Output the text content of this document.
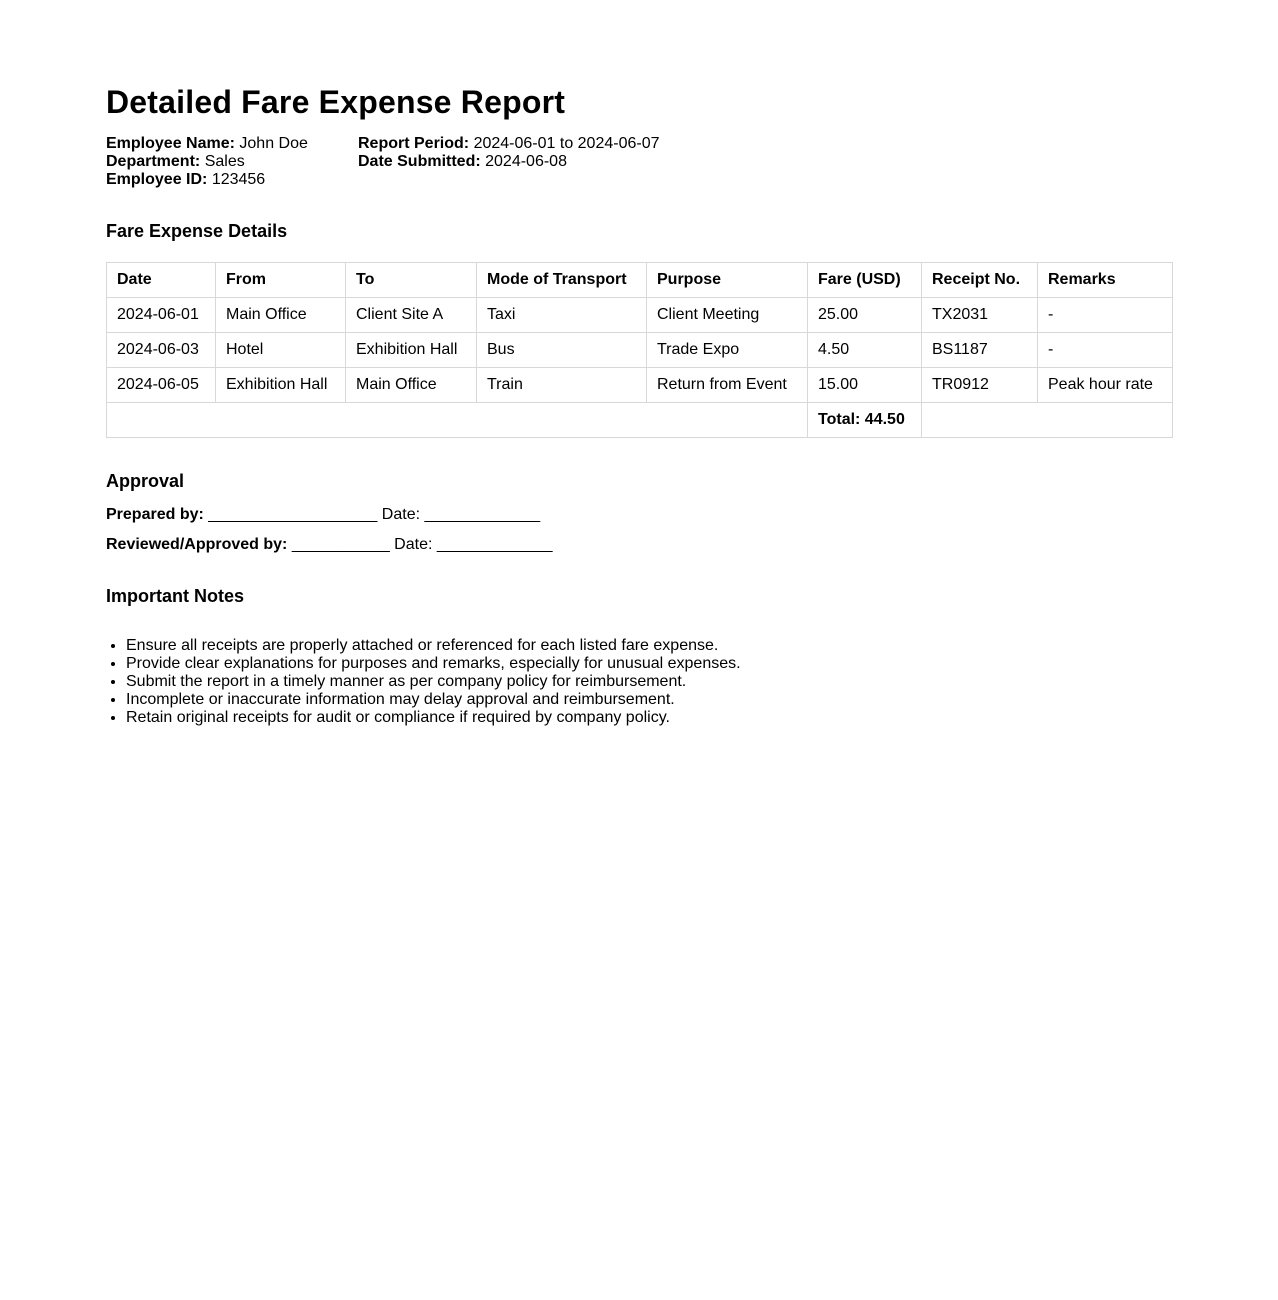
Detailed Fare Expense Report
Employee Name: John Doe
Department: Sales
Employee ID: 123456
Report Period: 2024-06-01 to 2024-06-07
Date Submitted: 2024-06-08
Fare Expense Details
Date	From	To	Mode of Transport	Purpose	Fare (USD)	Receipt No.	Remarks
2024-06-01	Main Office	Client Site A	Taxi	Client Meeting	25.00	TX2031	-
2024-06-03	Hotel	Exhibition Hall	Bus	Trade Expo	4.50	BS1187	-
2024-06-05	Exhibition Hall	Main Office	Train	Return from Event	15.00	TR0912	Peak hour rate
					Total: 44.50		
Approval
Prepared by: ___________________ Date: _____________
Reviewed/Approved by: ___________ Date: _____________
Important Notes
• Ensure all receipts are properly attached or referenced for each listed fare expense.
• Provide clear explanations for purposes and remarks, especially for unusual expenses.
• Submit the report in a timely manner as per company policy for reimbursement.
• Incomplete or inaccurate information may delay approval and reimbursement.
• Retain original receipts for audit or compliance if required by company policy.
